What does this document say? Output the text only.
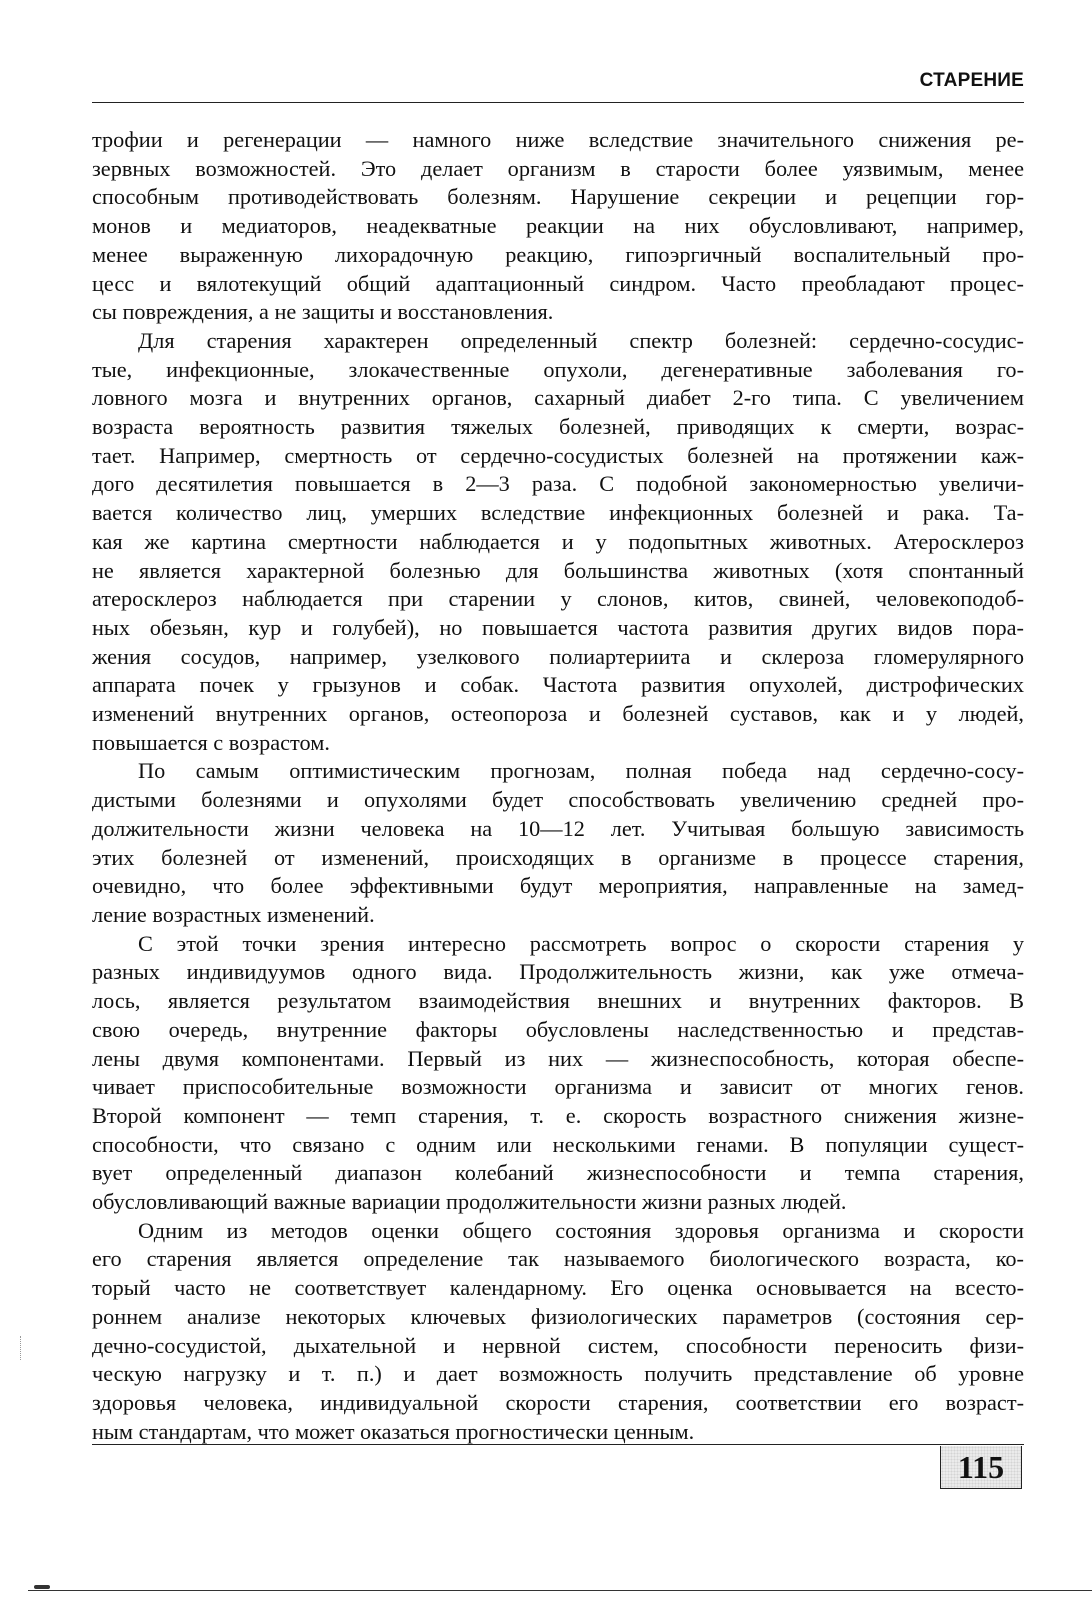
СТАРЕНИЕ

трофии и регенерации — намного ниже вследствие значительного снижения ре-
зервных возможностей. Это делает организм в старости более уязвимым, менее
способным противодействовать болезням. Нарушение секреции и рецепции гор-
монов и медиаторов, неадекватные реакции на них обусловливают, например,
менее выраженную лихорадочную реакцию, гипоэргичный воспалительный про-
цесс и вялотекущий общий адаптационный синдром. Часто преобладают процес-
сы повреждения, а не защиты и восстановления.

Для старения характерен определенный спектр болезней: сердечно-сосудис-
тые, инфекционные, злокачественные опухоли, дегенеративные заболевания го-
ловного мозга и внутренних органов, сахарный диабет 2-го типа. С увеличением
возраста вероятность развития тяжелых болезней, приводящих к смерти, возрас-
тает. Например, смертность от сердечно-сосудистых болезней на протяжении каж-
дого десятилетия повышается в 2—3 раза. С подобной закономерностью увеличи-
вается количество лиц, умерших вследствие инфекционных болезней и рака. Та-
кая же картина смертности наблюдается и у подопытных животных. Атеросклероз
не является характерной болезнью для большинства животных (хотя спонтанный
атеросклероз наблюдается при старении у слонов, китов, свиней, человекоподоб-
ных обезьян, кур и голубей), но повышается частота развития других видов пора-
жения сосудов, например, узелкового полиартериита и склероза гломерулярного
аппарата почек у грызунов и собак. Частота развития опухолей, дистрофических
изменений внутренних органов, остеопороза и болезней суставов, как и у людей,
повышается с возрастом.

По самым оптимистическим прогнозам, полная победа над сердечно-сосу-
дистыми болезнями и опухолями будет способствовать увеличению средней про-
должительности жизни человека на 10—12 лет. Учитывая большую зависимость
этих болезней от изменений, происходящих в организме в процессе старения,
очевидно, что более эффективными будут мероприятия, направленные на замед-
ление возрастных изменений.

С этой точки зрения интересно рассмотреть вопрос о скорости старения у
разных индивидуумов одного вида. Продолжительность жизни, как уже отмеча-
лось, является результатом взаимодействия внешних и внутренних факторов. В
свою очередь, внутренние факторы обусловлены наследственностью и представ-
лены двумя компонентами. Первый из них — жизнеспособность, которая обеспе-
чивает приспособительные возможности организма и зависит от многих генов.
Второй компонент — темп старения, т. е. скорость возрастного снижения жизне-
способности, что связано с одним или несколькими генами. В популяции сущест-
вует определенный диапазон колебаний жизнеспособности и темпа старения,
обусловливающий важные вариации продолжительности жизни разных людей.

Одним из методов оценки общего состояния здоровья организма и скорости
его старения является определение так называемого биологического возраста, ко-
торый часто не соответствует календарному. Его оценка основывается на всесто-
роннем анализе некоторых ключевых физиологических параметров (состояния сер-
дечно-сосудистой, дыхательной и нервной систем, способности переносить физи-
ческую нагрузку и т. п.) и дает возможность получить представление об уровне
здоровья человека, индивидуальной скорости старения, соответствии его возраст-
ным стандартам, что может оказаться прогностически ценным.

115
